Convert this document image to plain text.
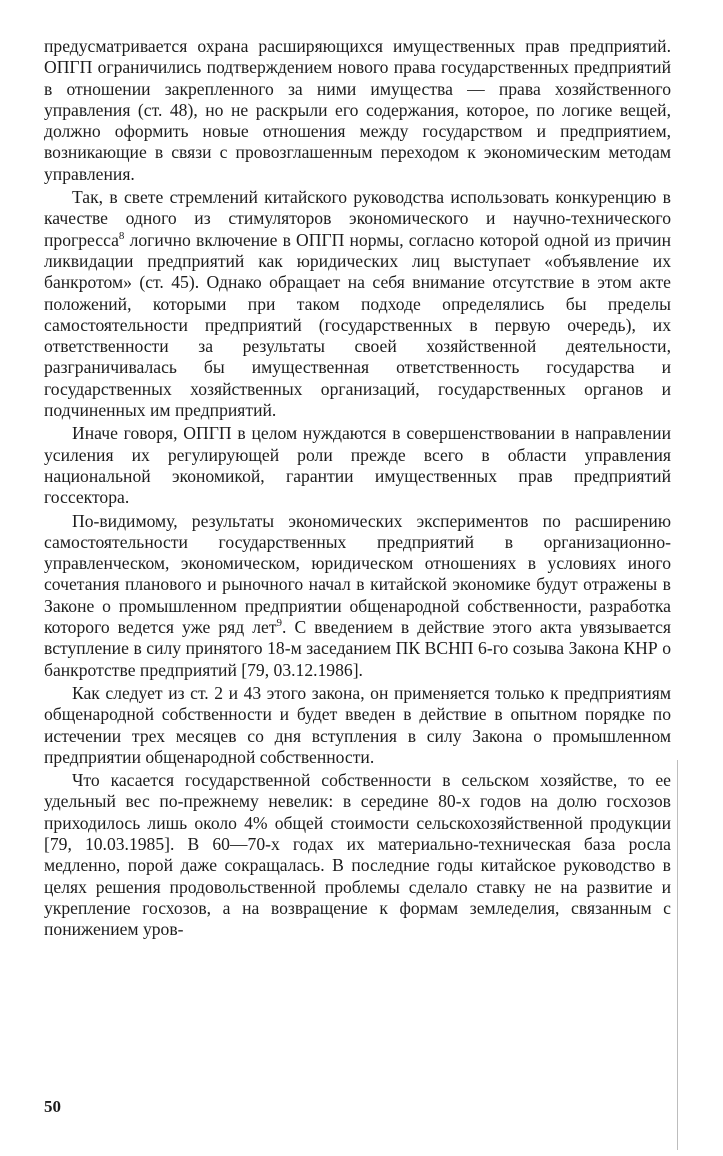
предусматривается охрана расширяющихся имущественных прав предприятий. ОПГП ограничились подтверждением нового права государственных предприятий в отношении закрепленного за ними имущества — права хозяйственного управления (ст. 48), но не раскрыли его содержания, которое, по логике вещей, должно оформить новые отношения между государством и предприятием, возникающие в связи с провозглашенным переходом к экономическим методам управления.

Так, в свете стремлений китайского руководства использовать конкуренцию в качестве одного из стимуляторов экономического и научно-технического прогресса$^8$ логично включение в ОПГП нормы, согласно которой одной из причин ликвидации предприятий как юридических лиц выступает «объявление их банкротом» (ст. 45). Однако обращает на себя внимание отсутствие в этом акте положений, которыми при таком подходе определялись бы пределы самостоятельности предприятий (государственных в первую очередь), их ответственности за результаты своей хозяйственной деятельности, разграничивалась бы имущественная ответственность государства и государственных хозяйственных организаций, государственных органов и подчиненных им предприятий.

Иначе говоря, ОПГП в целом нуждаются в совершенствовании в направлении усиления их регулирующей роли прежде всего в области управления национальной экономикой, гарантии имущественных прав предприятий госсектора.

По-видимому, результаты экономических экспериментов по расширению самостоятельности государственных предприятий в организационно-управленческом, экономическом, юридическом отношениях в условиях иного сочетания планового и рыночного начал в китайской экономике будут отражены в Законе о промышленном предприятии общенародной собственности, разработка которого ведется уже ряд лет$^9$. С введением в действие этого акта увязывается вступление в силу принятого 18-м заседанием ПК ВСНП 6-го созыва Закона КНР о банкротстве предприятий [79, 03.12.1986].

Как следует из ст. 2 и 43 этого закона, он применяется только к предприятиям общенародной собственности и будет введен в действие в опытном порядке по истечении трех месяцев со дня вступления в силу Закона о промышленном предприятии общенародной собственности.

Что касается государственной собственности в сельском хозяйстве, то ее удельный вес по-прежнему невелик: в середине 80-х годов на долю госхозов приходилось лишь около 4% общей стоимости сельскохозяйственной продукции [79, 10.03.1985]. В 60—70-х годах их материально-техническая база росла медленно, порой даже сокращалась. В последние годы китайское руководство в целях решения продовольственной проблемы сделало ставку не на развитие и укрепление госхозов, а на возвращение к формам земледелия, связанным с понижением уров-

50
